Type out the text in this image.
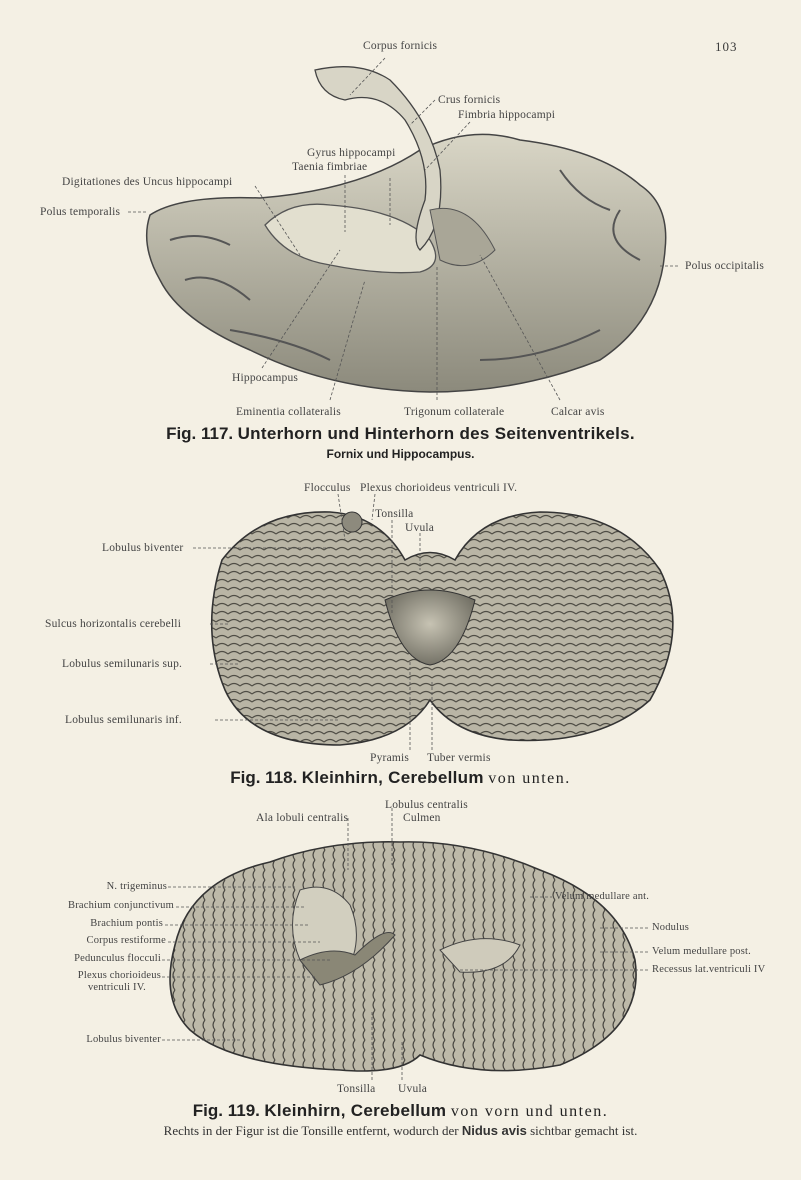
103
Corpus fornicis
Crus fornicis
Fimbria hippocampi
Gyrus hippocampi
Taenia fimbriae
Digitationes des Uncus hippocampi
Polus temporalis
Polus occipitalis
Hippocampus
Eminentia collateralis	Trigonum collaterale	Calcar avis
Fig. 117. Unterhorn und Hinterhorn des Seitenventrikels.
Fornix und Hippocampus.
Flocculus Plexus chorioideus ventriculi IV.
Tonsilla
Uvula
Lobulus biventer
Sulcus horizontalis cerebelli
Lobulus semilunaris sup.
Lobulus semilunaris inf.
Pyramis Tuber vermis
Fig. 118. Kleinhirn, Cerebellum von unten.
Lobulus centralis
Ala lobuli centralis	Culmen
N. trigeminus
Brachium conjunctivum
Brachium pontis
Corpus restiforme
Pedunculus flocculi
Plexus chorioideus
ventriculi IV.
Lobulus biventer
Velum medullare ant.
Nodulus
Velum medullare post.
Recessus lat.ventriculi IV
Tonsilla Uvula
Fig. 119. Kleinhirn, Cerebellum von vorn und unten.
Rechts in der Figur ist die Tonsille entfernt, wodurch der Nidus avis sichtbar gemacht ist.
